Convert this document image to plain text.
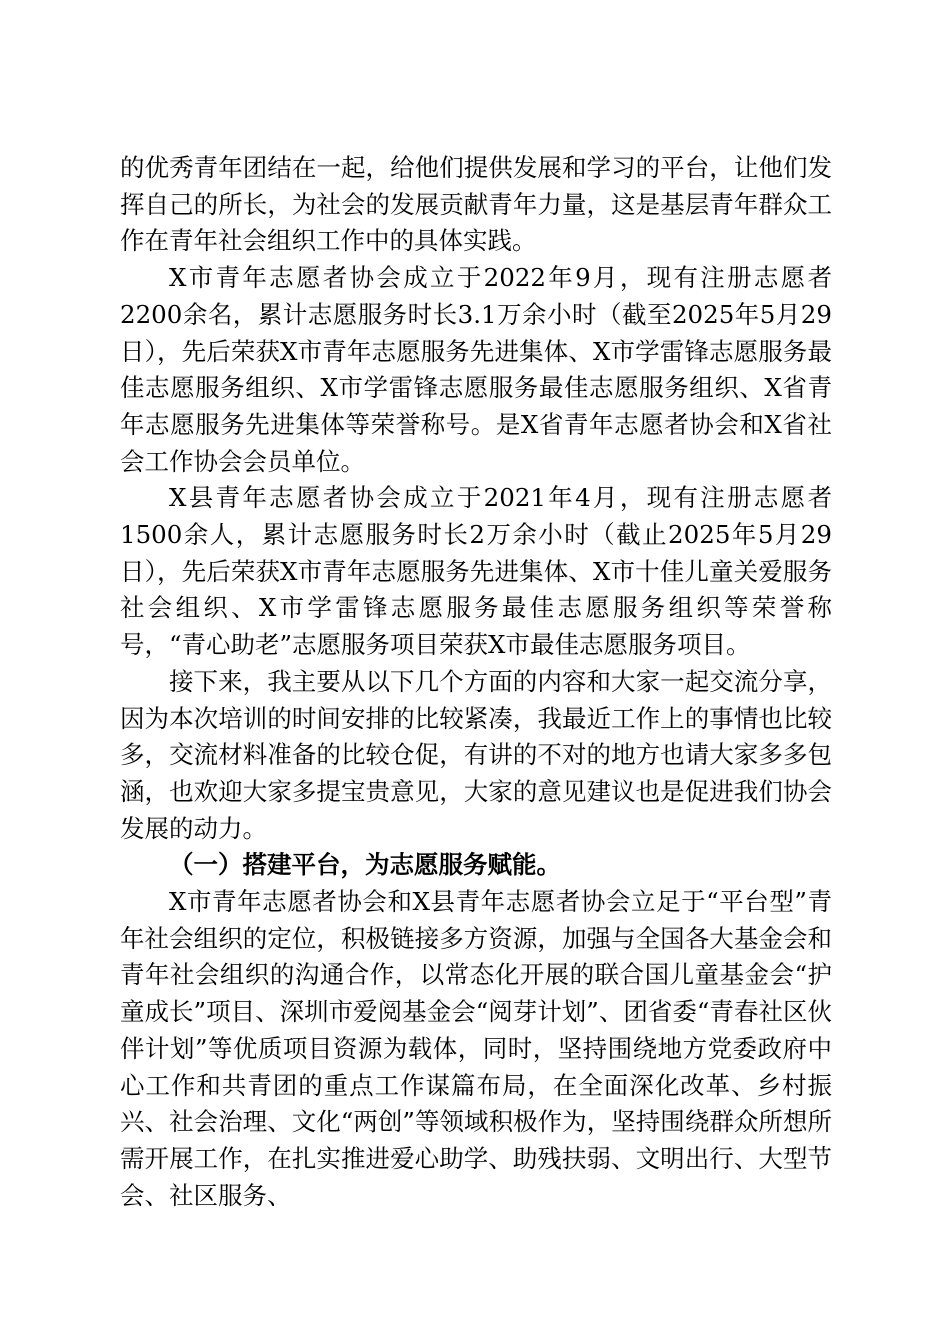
的优秀青年团结在一起，给他们提供发展和学习的平台，让他们发挥自己的所长，为社会的发展贡献青年力量，这是基层青年群众工作在青年社会组织工作中的具体实践。

X市青年志愿者协会成立于2022年9月，现有注册志愿者2200余名，累计志愿服务时长3.1万余小时（截至2025年5月29日），先后荣获X市青年志愿服务先进集体、X市学雷锋志愿服务最佳志愿服务组织、X市学雷锋志愿服务最佳志愿服务组织、X省青年志愿服务先进集体等荣誉称号。是X省青年志愿者协会和X省社会工作协会会员单位。

X县青年志愿者协会成立于2021年4月，现有注册志愿者1500余人，累计志愿服务时长2万余小时（截止2025年5月29日），先后荣获X市青年志愿服务先进集体、X市十佳儿童关爱服务社会组织、X市学雷锋志愿服务最佳志愿服务组织等荣誉称号，“青心助老”志愿服务项目荣获X市最佳志愿服务项目。

接下来，我主要从以下几个方面的内容和大家一起交流分享，因为本次培训的时间安排的比较紧凑，我最近工作上的事情也比较多，交流材料准备的比较仓促，有讲的不对的地方也请大家多多包涵，也欢迎大家多提宝贵意见，大家的意见建议也是促进我们协会发展的动力。

（一）搭建平台，为志愿服务赋能。

X市青年志愿者协会和X县青年志愿者协会立足于“平台型”青年社会组织的定位，积极链接多方资源，加强与全国各大基金会和青年社会组织的沟通合作，以常态化开展的联合国儿童基金会“护童成长”项目、深圳市爱阅基金会“阅芽计划”、团省委“青春社区伙伴计划”等优质项目资源为载体，同时，坚持围绕地方党委政府中心工作和共青团的重点工作谋篇布局，在全面深化改革、乡村振兴、社会治理、文化“两创”等领域积极作为，坚持围绕群众所想所需开展工作，在扎实推进爱心助学、助残扶弱、文明出行、大型节会、社区服务、
